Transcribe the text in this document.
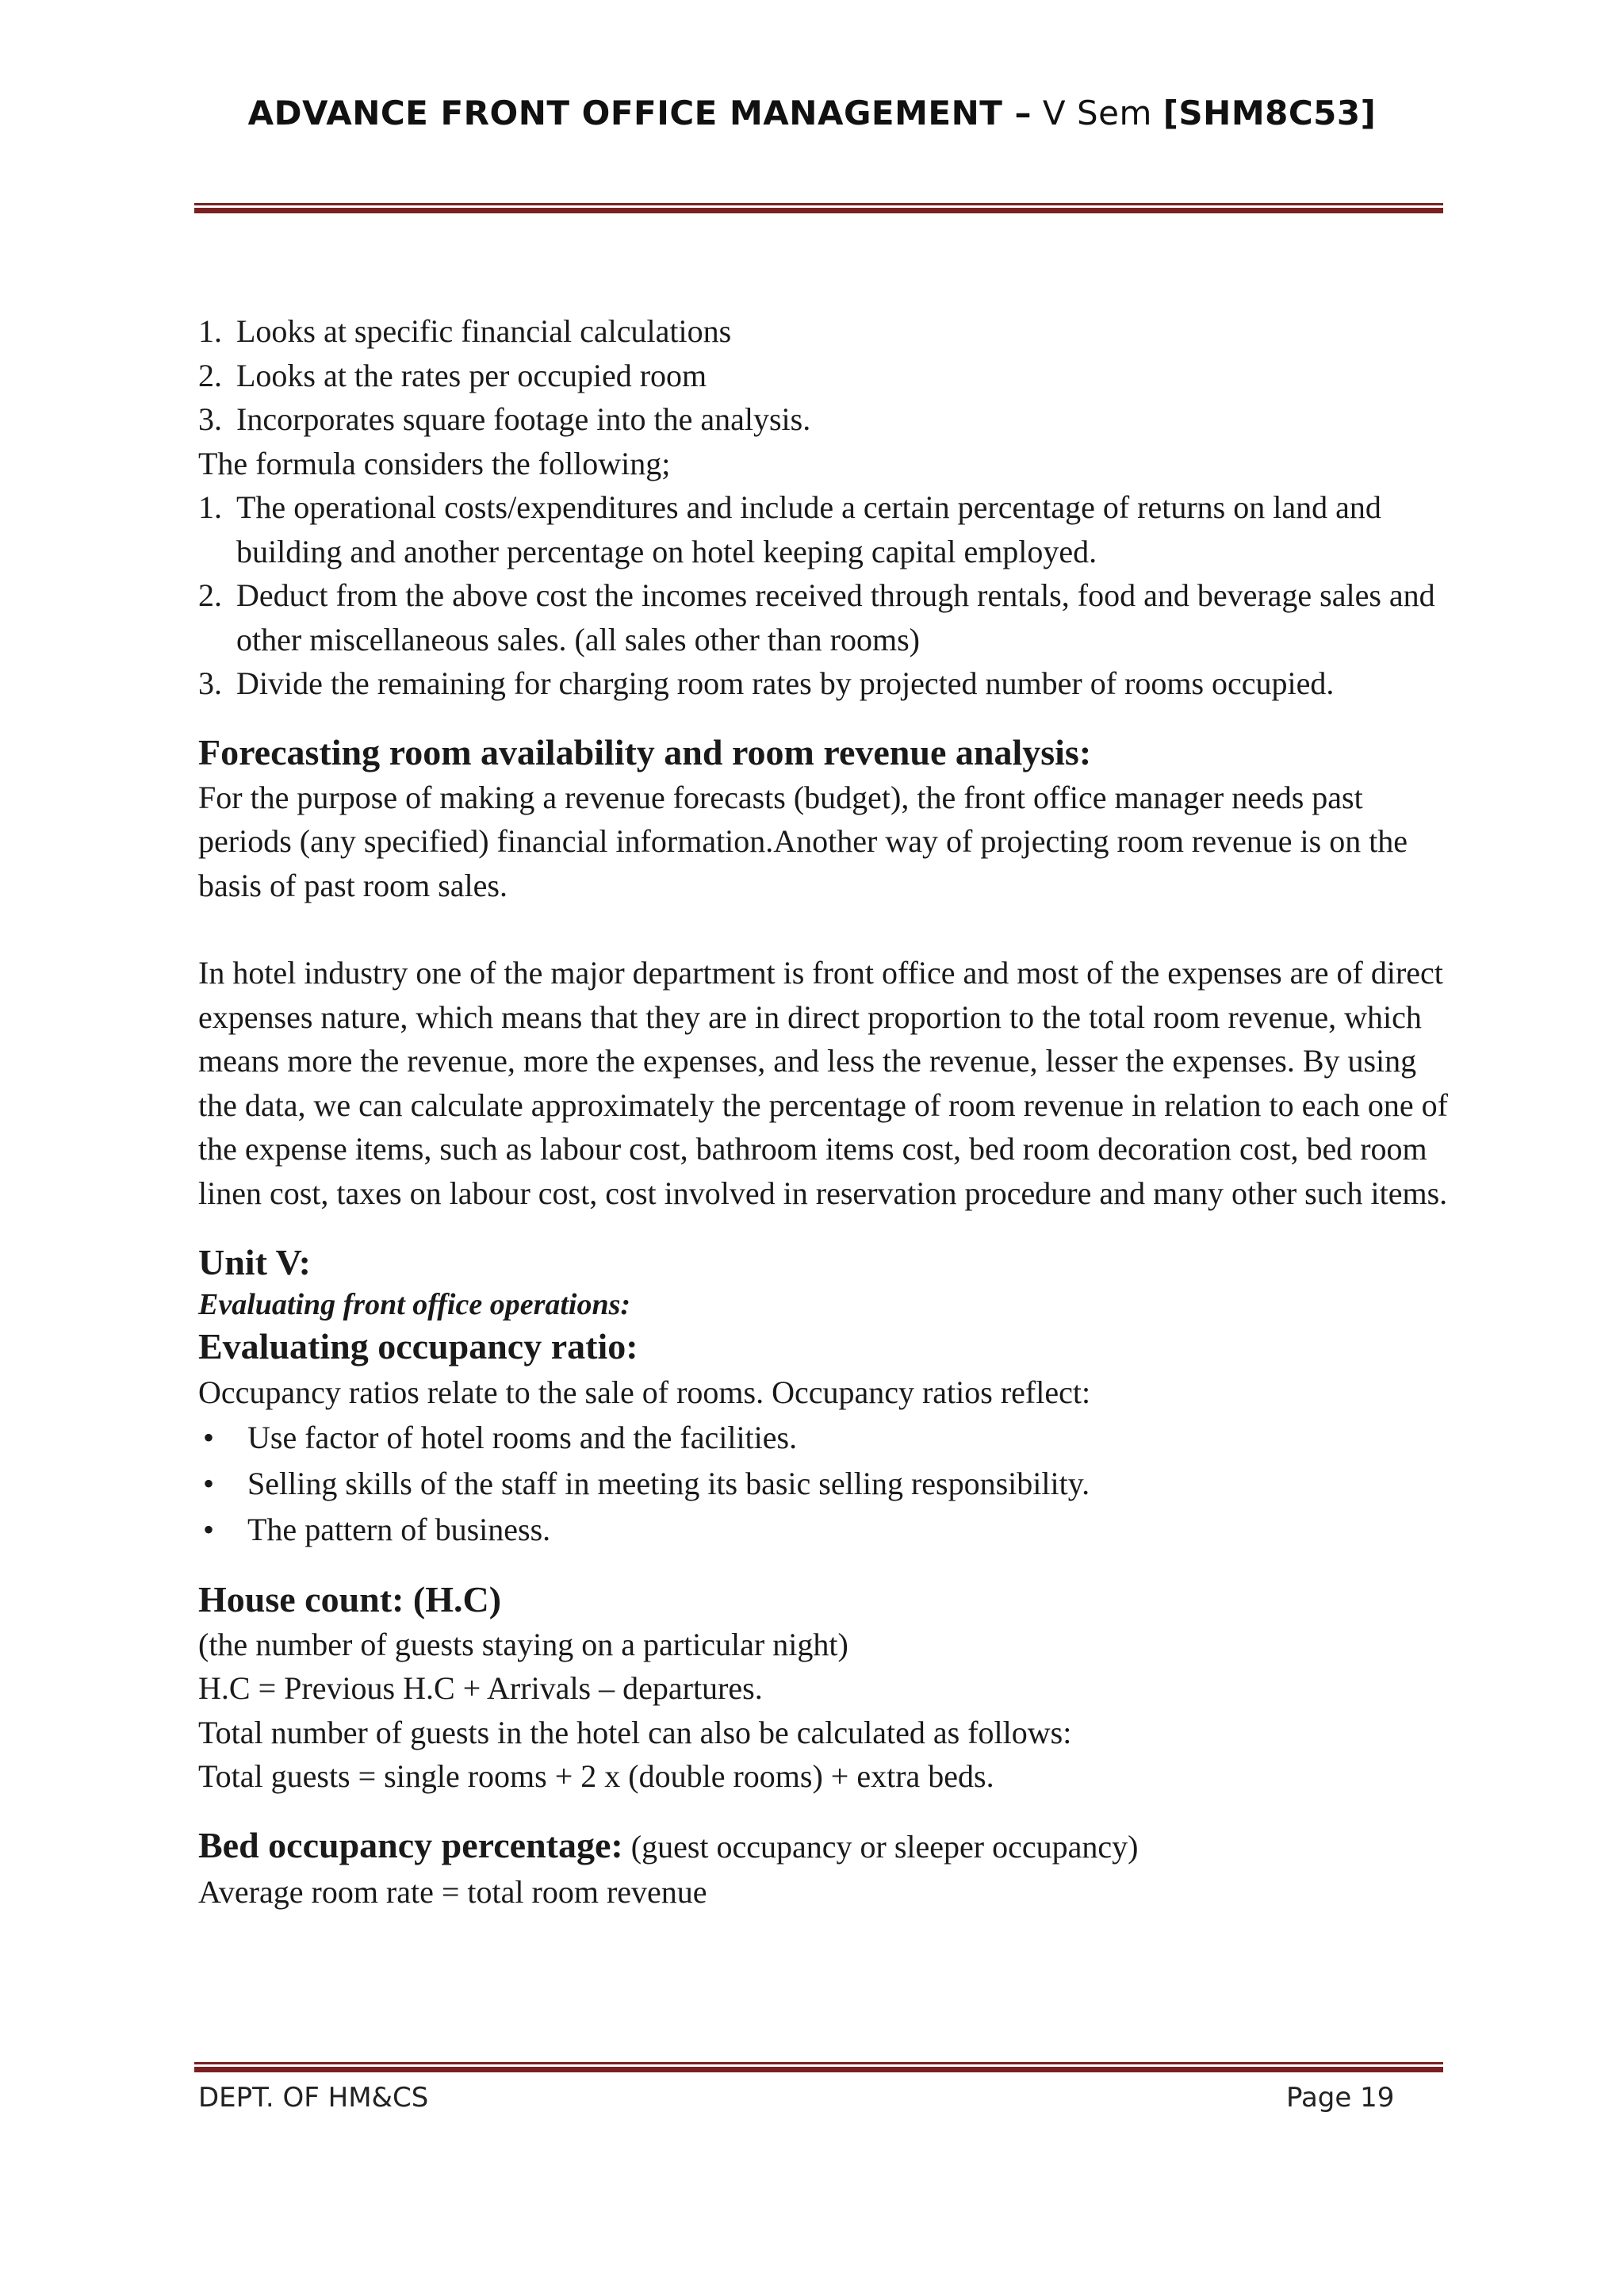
ADVANCE FRONT OFFICE MANAGEMENT – V Sem [SHM8C53]
1. Looks at specific financial calculations
2. Looks at the rates per occupied room
3. Incorporates square footage into the analysis.

The formula considers the following;

1. The operational costs/expenditures and include a certain percentage of returns on land and building and another percentage on hotel keeping capital employed.
2. Deduct from the above cost the incomes received through rentals, food and beverage sales and other miscellaneous sales. (all sales other than rooms)
3. Divide the remaining for charging room rates by projected number of rooms occupied.

Forecasting room availability and room revenue analysis:

For the purpose of making a revenue forecasts (budget), the front office manager needs past periods (any specified) financial information.Another way of projecting room revenue is on the basis of past room sales.

In hotel industry one of the major department is front office and most of the expenses are of direct expenses nature, which means that they are in direct proportion to the total room revenue, which means more the revenue, more the expenses, and less the revenue, lesser the expenses. By using the data, we can calculate approximately the percentage of room revenue in relation to each one of the expense items, such as labour cost, bathroom items cost, bed room decoration cost, bed room linen cost, taxes on labour cost, cost involved in reservation procedure and many other such items.

Unit V:

Evaluating front office operations:

Evaluating occupancy ratio:

Occupancy ratios relate to the sale of rooms. Occupancy ratios reflect:

• Use factor of hotel rooms and the facilities.
• Selling skills of the staff in meeting its basic selling responsibility.
• The pattern of business.

House count: (H.C)

(the number of guests staying on a particular night)

H.C = Previous H.C + Arrivals – departures.

Total number of guests in the hotel can also be calculated as follows:

Total guests = single rooms + 2 x (double rooms) + extra beds.

Bed occupancy percentage: (guest occupancy or sleeper occupancy)

Average room rate = total room revenue

DEPT. OF HM&CS	Page 19
